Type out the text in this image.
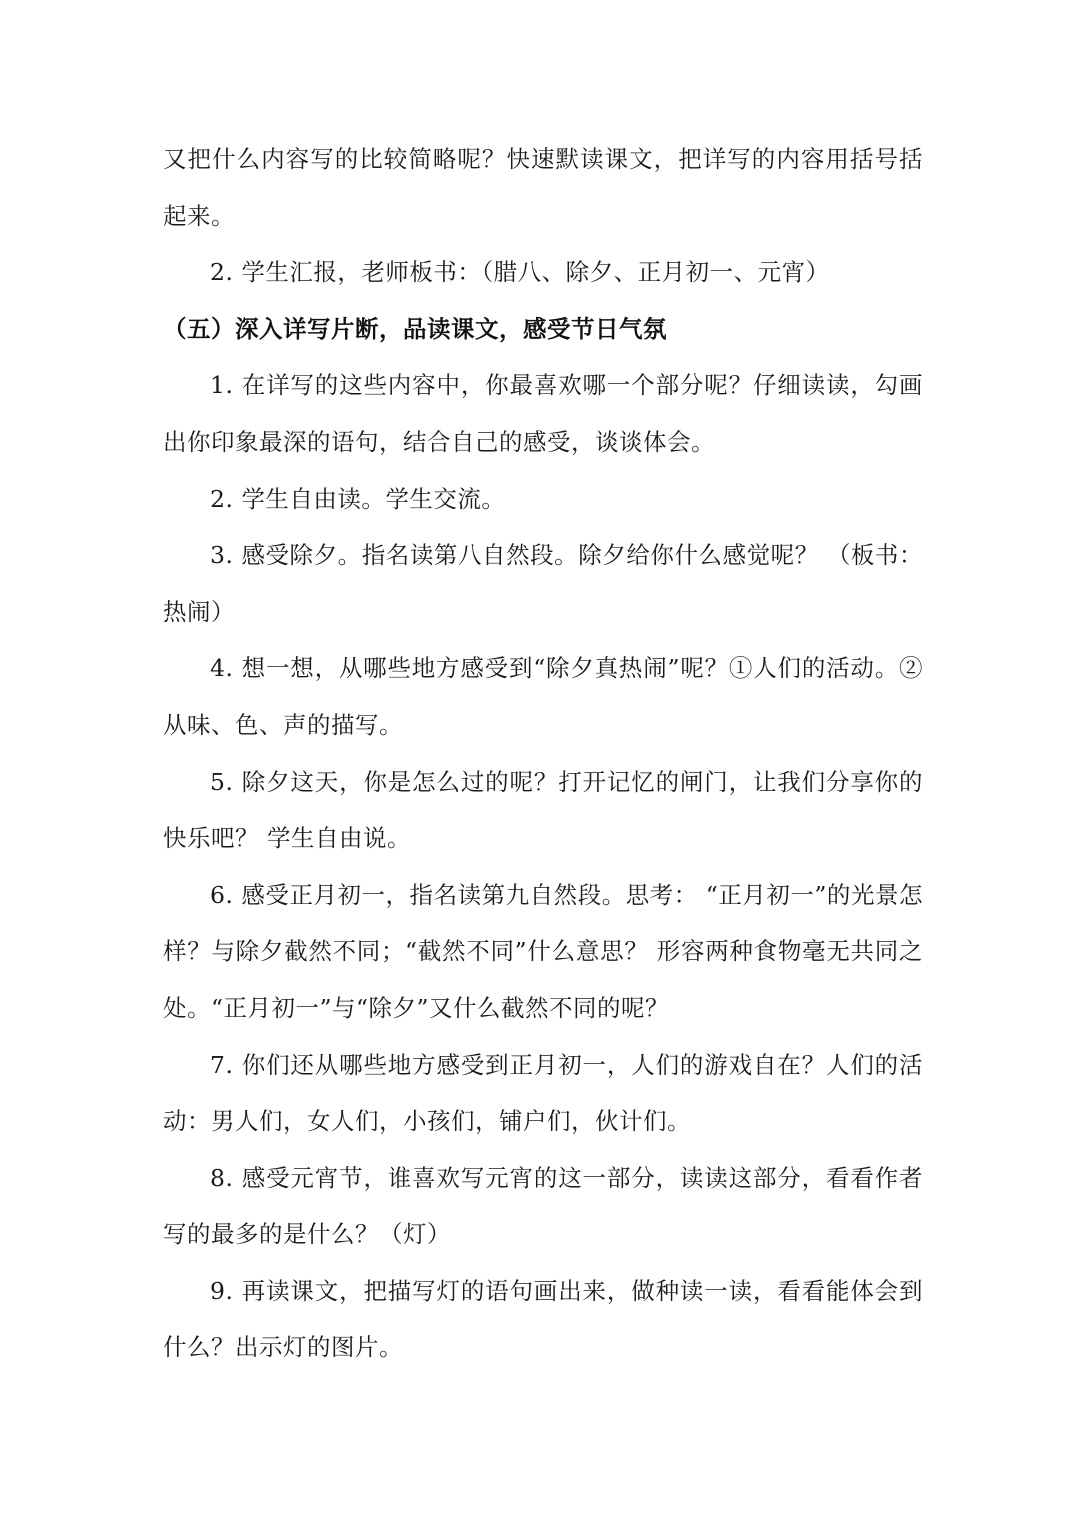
又把什么内容写的比较简略呢？快速默读课文，把详写的内容用括号括起来。

2. 学生汇报，老师板书：（腊八、除夕、正月初一、元宵）

（五）深入详写片断，品读课文，感受节日气氛

1. 在详写的这些内容中，你最喜欢哪一个部分呢？仔细读读，勾画出你印象最深的语句，结合自己的感受，谈谈体会。

2. 学生自由读。学生交流。

3. 感受除夕。指名读第八自然段。除夕给你什么感觉呢？ （板书：热闹）

4. 想一想，从哪些地方感受到“除夕真热闹”呢？①人们的活动。②从味、色、声的描写。

5. 除夕这天，你是怎么过的呢？打开记忆的闸门，让我们分享你的快乐吧？ 学生自由说。

6. 感受正月初一，指名读第九自然段。思考： “正月初一”的光景怎样？与除夕截然不同；“截然不同”什么意思？ 形容两种食物毫无共同之处。“正月初一”与“除夕”又什么截然不同的呢？

7. 你们还从哪些地方感受到正月初一，人们的游戏自在？人们的活动：男人们，女人们，小孩们，铺户们，伙计们。

8. 感受元宵节，谁喜欢写元宵的这一部分，读读这部分，看看作者写的最多的是什么？（灯）

9. 再读课文，把描写灯的语句画出来，做种读一读，看看能体会到什么？出示灯的图片。
